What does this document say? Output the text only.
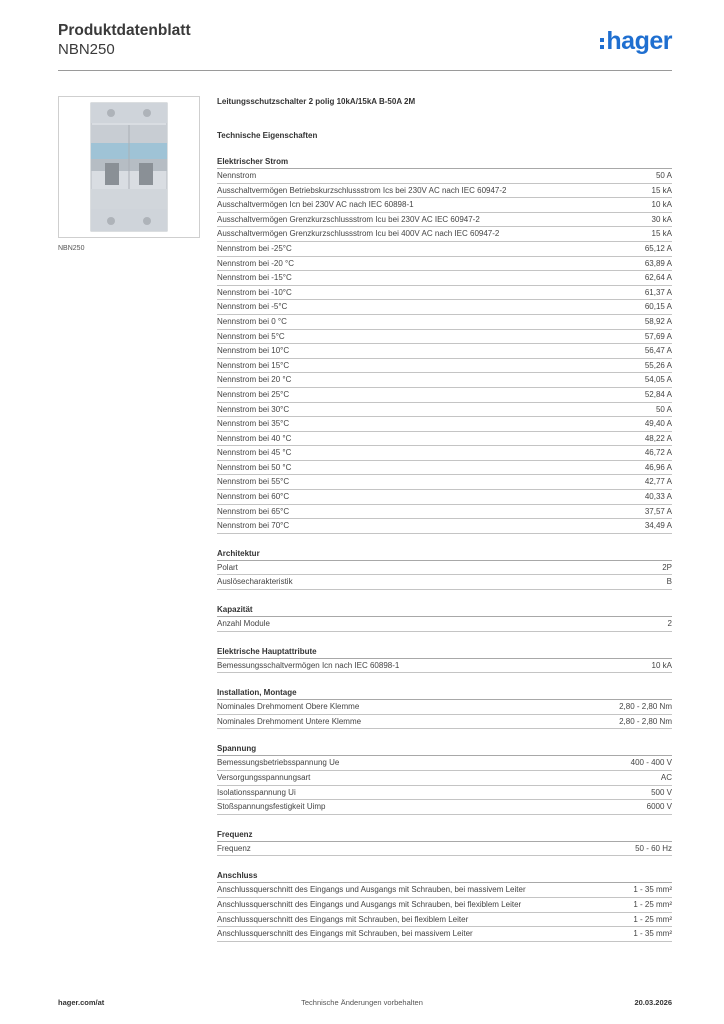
Produktdatenblatt
NBN250	hager
NBN250
Leitungsschutzschalter 2 polig 10kA/15kA B-50A 2M
Technische Eigenschaften
Elektrischer Strom
Nennstrom	50 A
Ausschaltvermögen Betriebskurzschlussstrom Ics bei 230V AC nach IEC 60947-2	15 kA
Ausschaltvermögen Icn bei 230V AC nach IEC 60898-1	10 kA
Ausschaltvermögen Grenzkurzschlussstrom Icu bei 230V AC IEC 60947-2	30 kA
Ausschaltvermögen Grenzkurzschlussstrom Icu bei 400V AC nach IEC 60947-2	15 kA
Nennstrom bei -25°C	65,12 A
Nennstrom bei -20 °C	63,89 A
Nennstrom bei -15°C	62,64 A
Nennstrom bei -10°C	61,37 A
Nennstrom bei -5°C	60,15 A
Nennstrom bei 0 °C	58,92 A
Nennstrom bei 5°C	57,69 A
Nennstrom bei 10°C	56,47 A
Nennstrom bei 15°C	55,26 A
Nennstrom bei 20 °C	54,05 A
Nennstrom bei 25°C	52,84 A
Nennstrom bei 30°C	50 A
Nennstrom bei 35°C	49,40 A
Nennstrom bei 40 °C	48,22 A
Nennstrom bei 45 °C	46,72 A
Nennstrom bei 50 °C	46,96 A
Nennstrom bei 55°C	42,77 A
Nennstrom bei 60°C	40,33 A
Nennstrom bei 65°C	37,57 A
Nennstrom bei 70°C	34,49 A
Architektur
Polart	2P
Auslösecharakteristik	B
Kapazität
Anzahl Module	2
Elektrische Hauptattribute
Bemessungsschaltvermögen Icn nach IEC 60898-1	10 kA
Installation, Montage
Nominales Drehmoment Obere Klemme	2,80 - 2,80 Nm
Nominales Drehmoment Untere Klemme	2,80 - 2,80 Nm
Spannung
Bemessungsbetriebsspannung Ue	400 - 400 V
Versorgungsspannungsart	AC
Isolationsspannung Ui	500 V
Stoßspannungsfestigkeit Uimp	6000 V
Frequenz
Frequenz	50 - 60 Hz
Anschluss
Anschlussquerschnitt des Eingangs und Ausgangs mit Schrauben, bei massivem Leiter	1 - 35 mm²
Anschlussquerschnitt des Eingangs und Ausgangs mit Schrauben, bei flexiblem Leiter	1 - 25 mm²
Anschlussquerschnitt des Eingangs mit Schrauben, bei flexiblem Leiter	1 - 25 mm²
Anschlussquerschnitt des Eingangs mit Schrauben, bei massivem Leiter	1 - 35 mm²
hager.com/at	Technische Änderungen vorbehalten	20.03.2026
